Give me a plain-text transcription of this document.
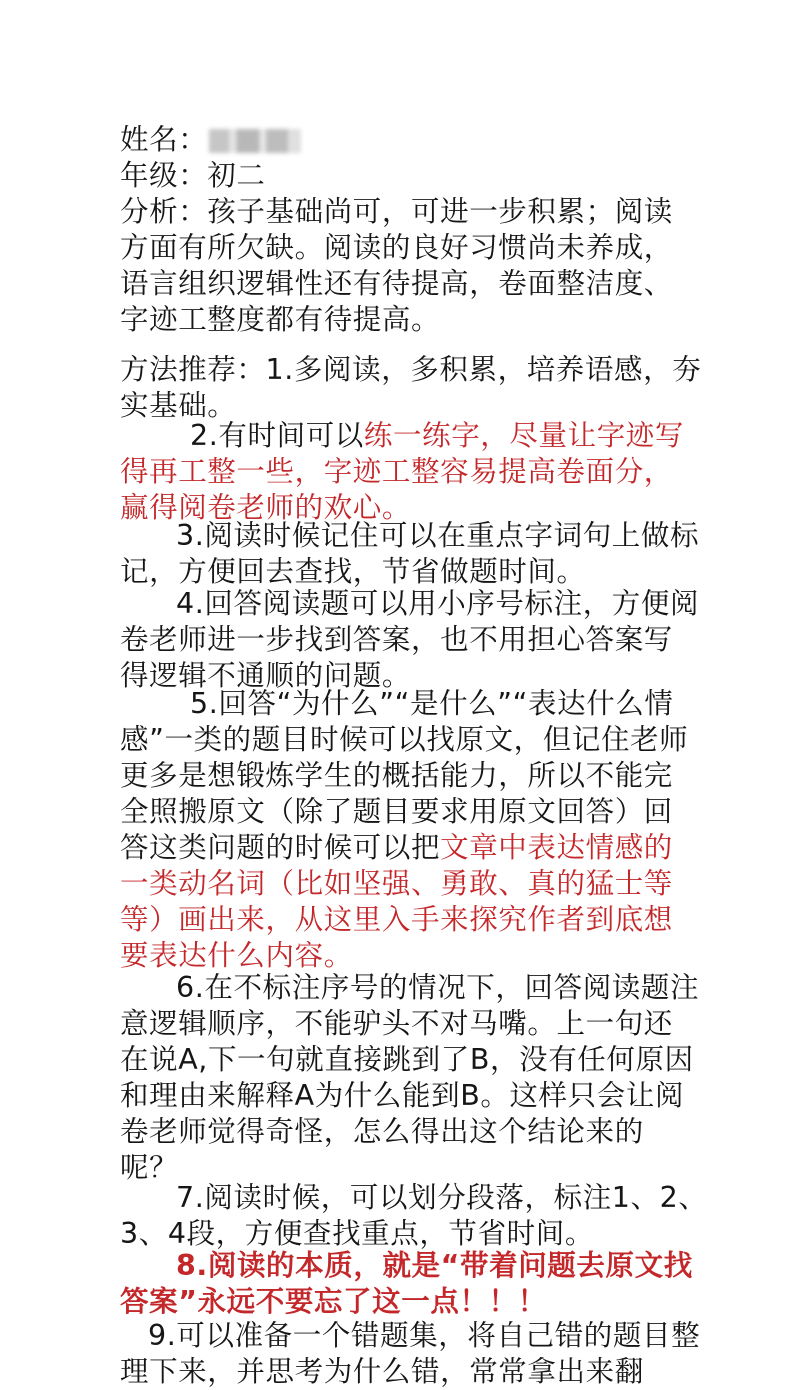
姓名：
年级：初二
分析：孩子基础尚可，可进一步积累；阅读
方面有所欠缺。阅读的良好习惯尚未养成，
语言组织逻辑性还有待提高，卷面整洁度、
字迹工整度都有待提高。
方法推荐：1.多阅读，多积累，培养语感，夯
实基础。
2.有时间可以练一练字，尽量让字迹写
得再工整一些，字迹工整容易提高卷面分，
赢得阅卷老师的欢心。
3.阅读时候记住可以在重点字词句上做标
记，方便回去查找，节省做题时间。
4.回答阅读题可以用小序号标注，方便阅
卷老师进一步找到答案，也不用担心答案写
得逻辑不通顺的问题。
5.回答“为什么”“是什么”“表达什么情
感”一类的题目时候可以找原文，但记住老师
更多是想锻炼学生的概括能力，所以不能完
全照搬原文（除了题目要求用原文回答）回
答这类问题的时候可以把文章中表达情感的
一类动名词（比如坚强、勇敢、真的猛士等
等）画出来，从这里入手来探究作者到底想
要表达什么内容。
6.在不标注序号的情况下，回答阅读题注
意逻辑顺序，不能驴头不对马嘴。上一句还
在说A,下一句就直接跳到了B，没有任何原因
和理由来解释A为什么能到B。这样只会让阅
卷老师觉得奇怪，怎么得出这个结论来的
呢？
7.阅读时候，可以划分段落，标注1、2、
3、4段，方便查找重点，节省时间。
8.阅读的本质，就是“带着问题去原文找
答案”永远不要忘了这一点！！！
9.可以准备一个错题集，将自己错的题目整
理下来，并思考为什么错，常常拿出来翻
